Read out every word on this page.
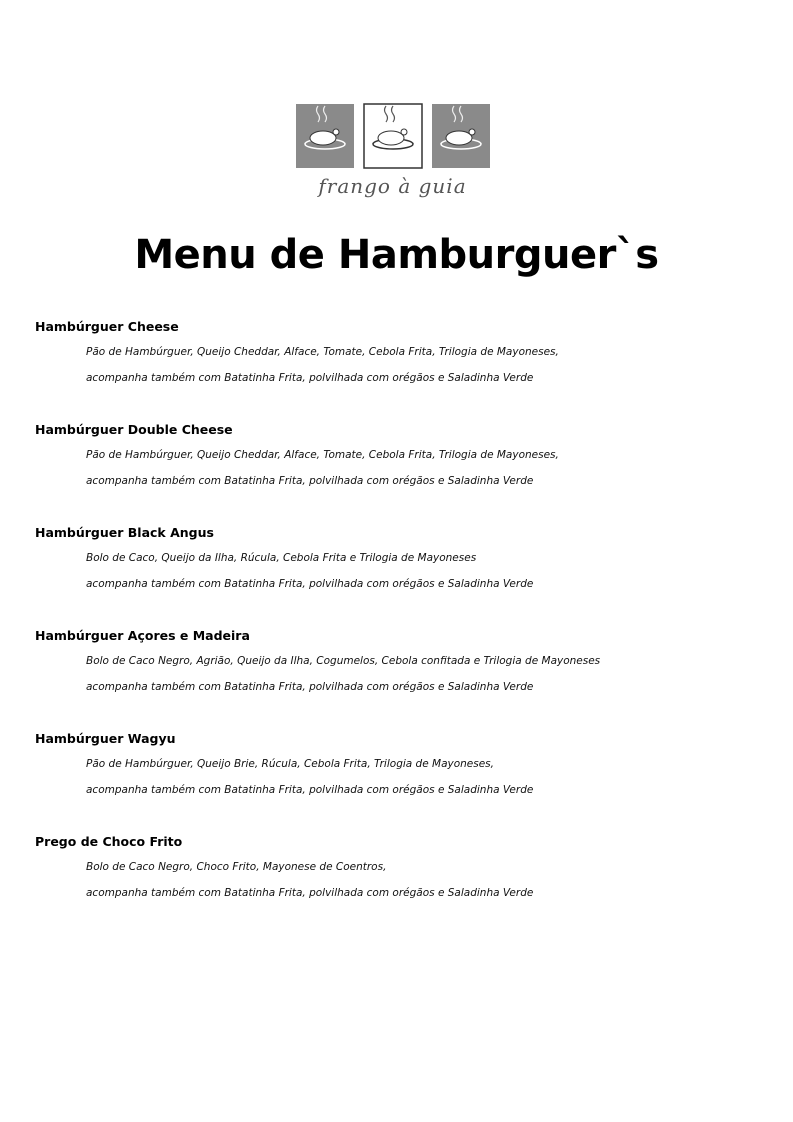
frango à guia
Menu de Hamburguer`s
Hambúrguer Cheese
Pão de Hambúrguer, Queijo Cheddar, Alface, Tomate, Cebola Frita, Trilogia de Mayoneses,
acompanha também com Batatinha Frita, polvilhada com orégãos e Saladinha Verde
Hambúrguer Double Cheese
Pão de Hambúrguer, Queijo Cheddar, Alface, Tomate, Cebola Frita, Trilogia de Mayoneses,
acompanha também com Batatinha Frita, polvilhada com orégãos e Saladinha Verde
Hambúrguer Black Angus
Bolo de Caco, Queijo da Ilha, Rúcula, Cebola Frita e Trilogia de Mayoneses
acompanha também com Batatinha Frita, polvilhada com orégãos e Saladinha Verde
Hambúrguer Açores e Madeira
Bolo de Caco Negro, Agrião, Queijo da Ilha, Cogumelos, Cebola confitada e Trilogia de Mayoneses
acompanha também com Batatinha Frita, polvilhada com orégãos e Saladinha Verde
Hambúrguer Wagyu
Pão de Hambúrguer, Queijo Brie, Rúcula, Cebola Frita, Trilogia de Mayoneses,
acompanha também com Batatinha Frita, polvilhada com orégãos e Saladinha Verde
Prego de Choco Frito
Bolo de Caco Negro, Choco Frito, Mayonese de Coentros,
acompanha também com Batatinha Frita, polvilhada com orégãos e Saladinha Verde
